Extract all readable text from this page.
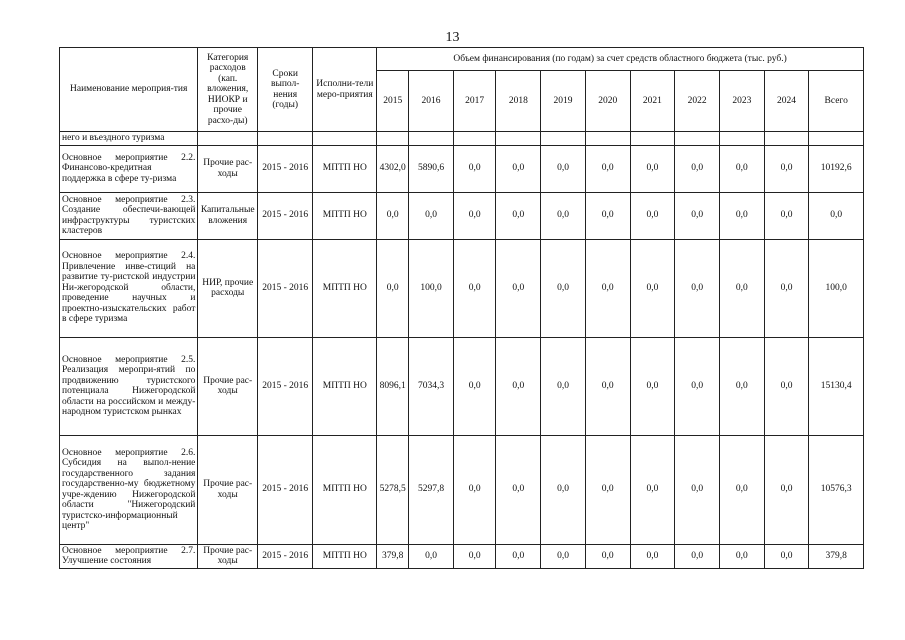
13
Наименование мероприя-тия	Категория расходов (кап. вложения, НИОКР и прочие расхо-ды)	Сроки выпол-нения (годы)	Исполни-тели меро-приятия	Объем финансирования (по годам) за счет средств областного бюджета (тыс. руб.)										
				2015	2016	2017	2018	2019	2020	2021	2022	2023	2024	Всего
него и въездного туризма														
Основное мероприятие 2.2. Финансово-кредитная поддержка в сфере ту-ризма	Прочие рас-ходы	2015 - 2016	МПТП НО	4302,0	5890,6	0,0	0,0	0,0	0,0	0,0	0,0	0,0	0,0	10192,6
Основное мероприятие 2.3. Создание обеспечи-вающей инфраструктуры туристских кластеров	Капитальные вложения	2015 - 2016	МПТП НО	0,0	0,0	0,0	0,0	0,0	0,0	0,0	0,0	0,0	0,0	0,0
Основное мероприятие 2.4. Привлечение инве-стиций на развитие ту-ристской индустрии Ни-жегородской области, проведение научных и проектно-изыскательских работ в сфере туризма	НИР, прочие расходы	2015 - 2016	МПТП НО	0,0	100,0	0,0	0,0	0,0	0,0	0,0	0,0	0,0	0,0	100,0
Основное мероприятие 2.5. Реализация меропри-ятий по продвижению туристского потенциала Нижегородской области на российском и между-народном туристском рынках	Прочие рас-ходы	2015 - 2016	МПТП НО	8096,1	7034,3	0,0	0,0	0,0	0,0	0,0	0,0	0,0	0,0	15130,4
Основное мероприятие 2.6. Субсидия на выпол-нение государственного задания государственно-му бюджетному учре-ждению Нижегородской области "Нижегородский туристско-информационный центр"	Прочие рас-ходы	2015 - 2016	МПТП НО	5278,5	5297,8	0,0	0,0	0,0	0,0	0,0	0,0	0,0	0,0	10576,3
Основное мероприятие 2.7. Улучшение состояния	Прочие рас-ходы	2015 - 2016	МПТП НО	379,8	0,0	0,0	0,0	0,0	0,0	0,0	0,0	0,0	0,0	379,8
